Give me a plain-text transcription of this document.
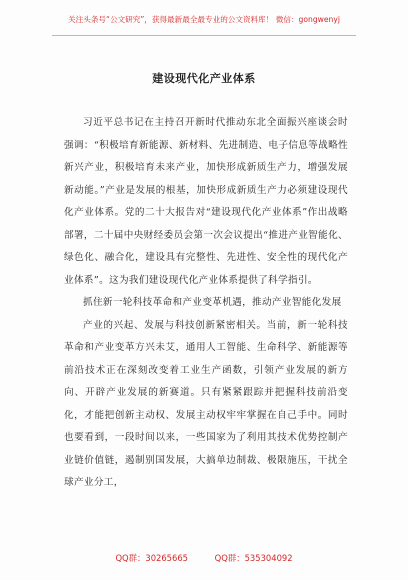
关注头条号“公文研究”，获得最新最全最专业的公文资料库！ 微信：gongwenyj
建设现代化产业体系

习近平总书记在主持召开新时代推动东北全面振兴座谈会时强调：“积极培育新能源、新材料、先进制造、电子信息等战略性新兴产业，积极培育未来产业，加快形成新质生产力，增强发展新动能。”产业是发展的根基，加快形成新质生产力必须建设现代化产业体系。党的二十大报告对“建设现代化产业体系”作出战略部署，二十届中央财经委员会第一次会议提出“推进产业智能化、绿色化、融合化，建设具有完整性、先进性、安全性的现代化产业体系”。这为我们建设现代化产业体系提供了科学指引。

抓住新一轮科技革命和产业变革机遇，推动产业智能化发展

产业的兴起、发展与科技创新紧密相关。当前，新一轮科技革命和产业变革方兴未艾，通用人工智能、生命科学、新能源等前沿技术正在深刻改变着工业生产函数，引领产业发展的新方向、开辟产业发展的新赛道。只有紧紧跟踪并把握科技前沿变化，才能把创新主动权、发展主动权牢牢掌握在自己手中。同时也要看到，一段时间以来，一些国家为了利用其技术优势控制产业链价值链，遏制别国发展，大搞单边制裁、极限施压，干扰全球产业分工，

QQ群：30265665	QQ群：535304092
